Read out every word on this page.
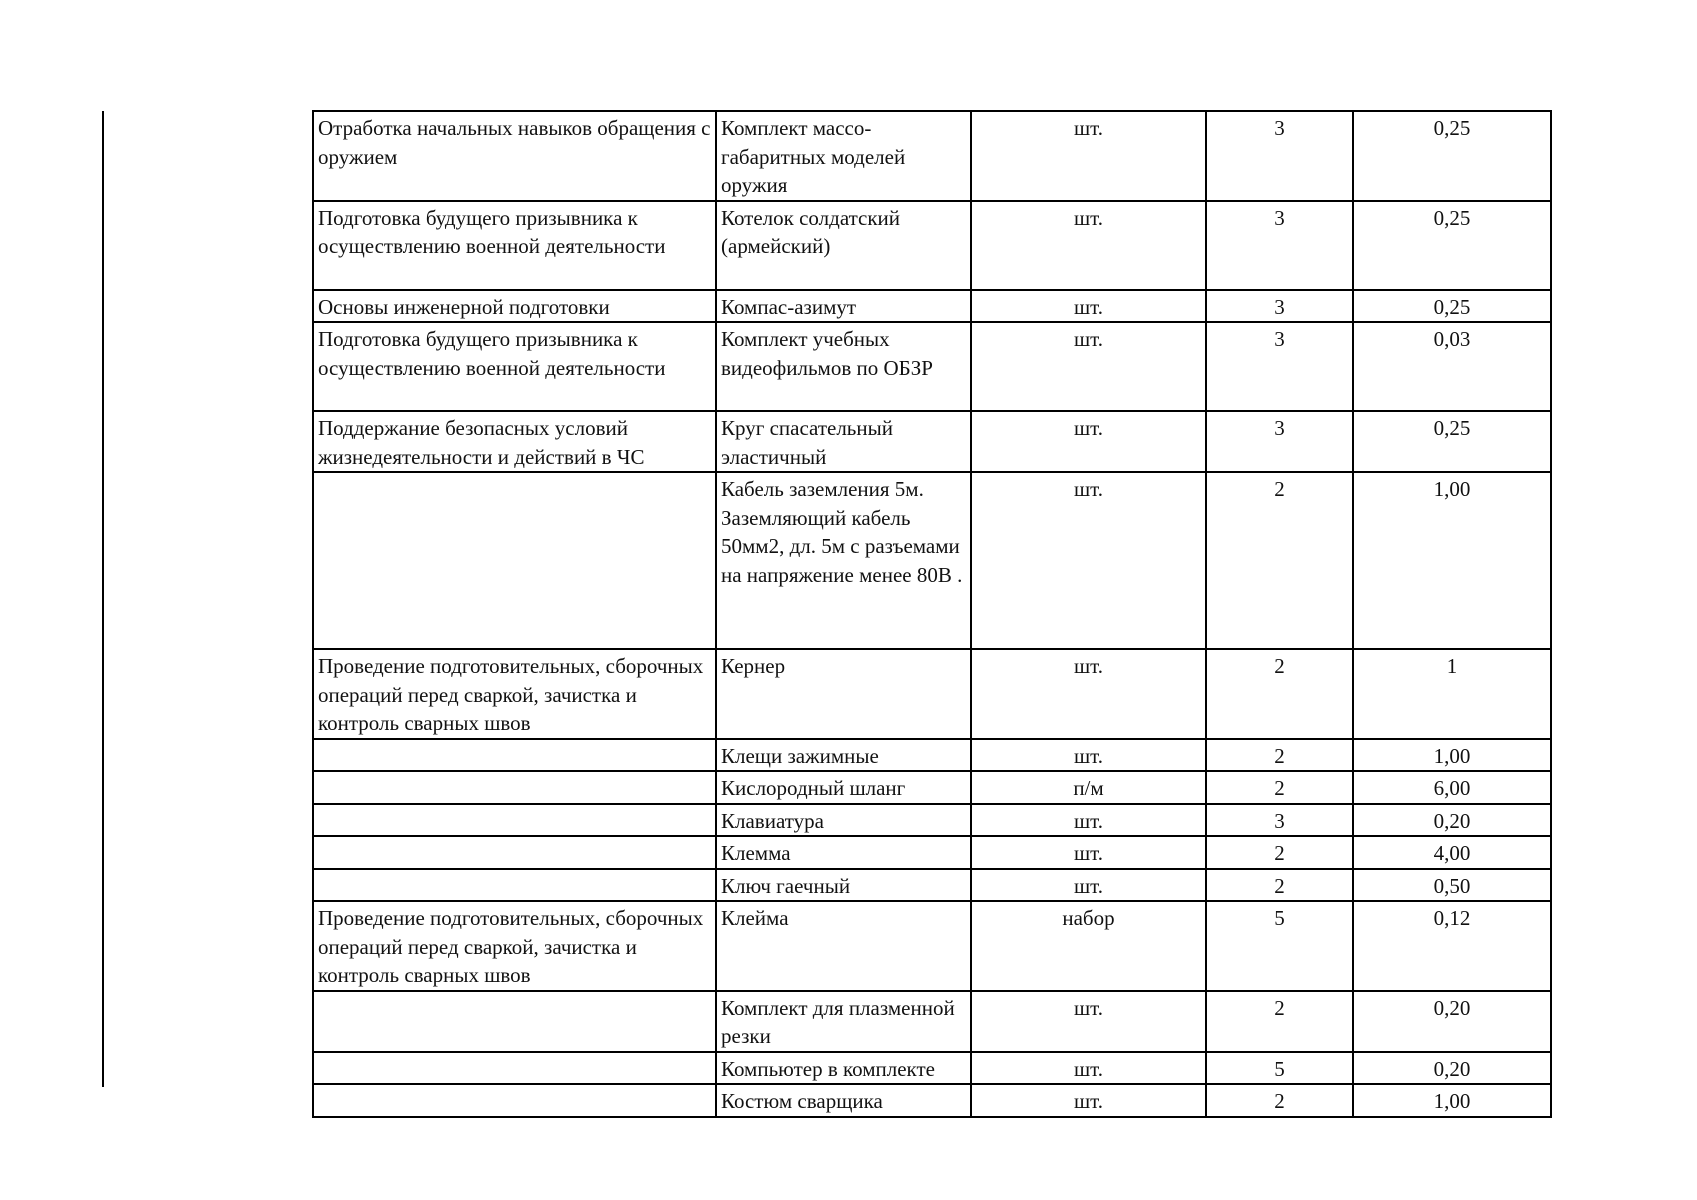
Отработка начальных навыков обращения с оружием	Комплект массо-габаритных моделей оружия	шт.	3	0,25
Подготовка будущего призывника к осуществлению военной деятельности	Котелок солдатский (армейский)	шт.	3	0,25
Основы инженерной подготовки	Компас-азимут	шт.	3	0,25
Подготовка будущего призывника к осуществлению военной деятельности	Комплект учебных видеофильмов по ОБЗР	шт.	3	0,03
Поддержание безопасных условий жизнедеятельности и действий в ЧС	Круг спасательный эластичный	шт.	3	0,25
	Кабель заземления 5м. Заземляющий кабель 50мм2, дл. 5м с разъемами на напряжение менее 80В .	шт.	2	1,00
Проведение подготовительных, сборочных операций перед сваркой, зачистка и контроль сварных швов	Кернер	шт.	2	1
	Клещи зажимные	шт.	2	1,00
	Кислородный шланг	п/м	2	6,00
	Клавиатура	шт.	3	0,20
	Клемма	шт.	2	4,00
	Ключ гаечный	шт.	2	0,50
Проведение подготовительных, сборочных операций перед сваркой, зачистка и контроль сварных швов	Клейма	набор	5	0,12
	Комплект для плазменной резки	шт.	2	0,20
	Компьютер в комплекте	шт.	5	0,20
	Костюм сварщика	шт.	2	1,00
